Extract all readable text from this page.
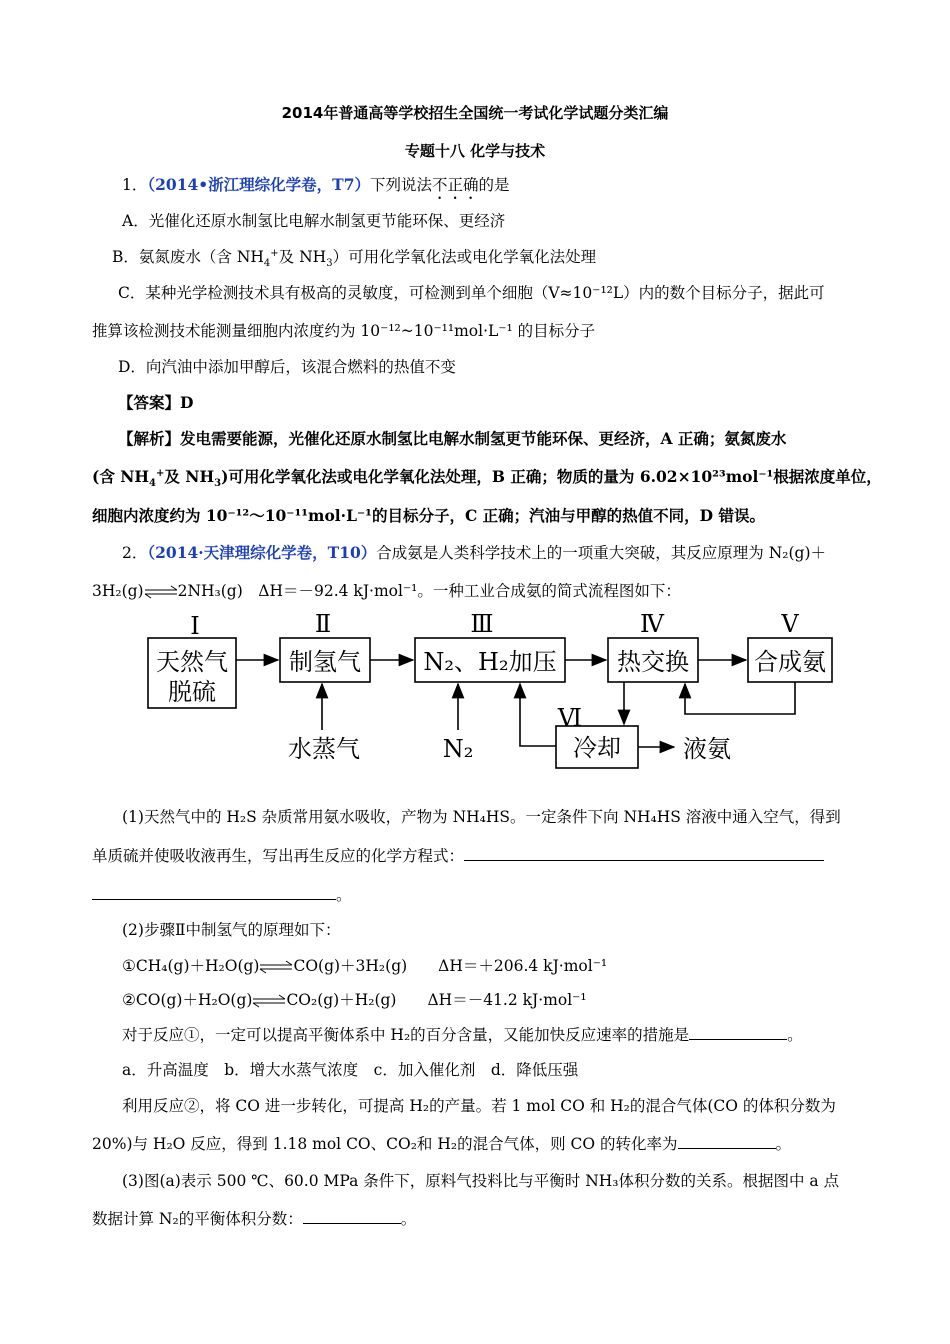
2014年普通高等学校招生全国统一考试化学试题分类汇编
专题十八 化学与技术
1．（2014•浙江理综化学卷，T7）下列说法不正确的是
A．光催化还原水制氢比电解水制氢更节能环保、更经济
B．氨氮废水（含 $NH_4^+$及 $NH_3$）可用化学氧化法或电化学氧化法处理
C．某种光学检测技术具有极高的灵敏度，可检测到单个细胞（V≈10⁻¹²L）内的数个目标分子，据此可
推算该检测技术能测量细胞内浓度约为 10⁻¹²~10⁻¹¹mol·L⁻¹ 的目标分子
D．向汽油中添加甲醇后，该混合燃料的热值不变
【答案】D
【解析】发电需要能源，光催化还原水制氢比电解水制氢更节能环保、更经济，A 正确；氨氮废水
(含 $NH_4^+$及 $NH_3$)可用化学氧化法或电化学氧化法处理，B 正确；物质的量为 6.02×10²³mol⁻¹根据浓度单位，
细胞内浓度约为 10⁻¹²～10⁻¹¹mol·L⁻¹的目标分子，C 正确；汽油与甲醇的热值不同，D 错误。
2．（2014·天津理综化学卷，T10）合成氨是人类科学技术上的一项重大突破，其反应原理为 N₂(g)＋
3H₂(g)⇌2NH₃(g)　ΔH＝－92.4 kJ·mol⁻¹。一种工业合成氨的简式流程图如下：
Ⅰ	Ⅱ	Ⅲ	Ⅳ	Ⅴ
Ⅵ
天然气
脱硫
制氢气	N₂、H₂加压	热交换	合成氨
冷却
水蒸气	N₂	液氨
(1)天然气中的 H₂S 杂质常用氨水吸收，产物为 NH₄HS。一定条件下向 NH₄HS 溶液中通入空气，得到
单质硫并使吸收液再生，写出再生反应的化学方程式：
。
(2)步骤Ⅱ中制氢气的原理如下：
①CH₄(g)＋H₂O(g)⇌CO(g)＋3H₂(g)　　ΔH＝＋206.4 kJ·mol⁻¹
②CO(g)＋H₂O(g)⇌CO₂(g)＋H₂(g)　　ΔH＝－41.2 kJ·mol⁻¹
对于反应①，一定可以提高平衡体系中 H₂的百分含量，又能加快反应速率的措施是	。
a．升高温度　b．增大水蒸气浓度　c．加入催化剂　d．降低压强
利用反应②，将 CO 进一步转化，可提高 H₂的产量。若 1 mol CO 和 H₂的混合气体(CO 的体积分数为
20%)与 H₂O 反应，得到 1.18 mol CO、CO₂和 H₂的混合气体，则 CO 的转化率为	。
(3)图(a)表示 500 ℃、60.0 MPa 条件下，原料气投料比与平衡时 NH₃体积分数的关系。根据图中 a 点
数据计算 N₂的平衡体积分数：	。
